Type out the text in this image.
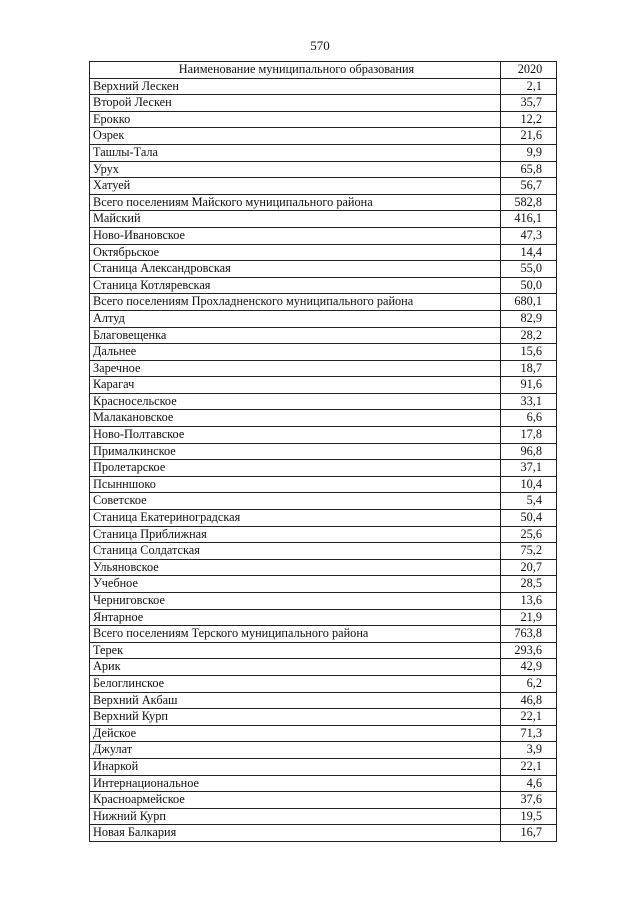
570
Наименование муниципального образования	2020
Верхний Лескен	2,1
Второй Лескен	35,7
Ерокко	12,2
Озрек	21,6
Ташлы-Тала	9,9
Урух	65,8
Хатуей	56,7
Всего поселениям Майского муниципального района	582,8
Майский	416,1
Ново-Ивановское	47,3
Октябрьское	14,4
Станица Александровская	55,0
Станица Котляревская	50,0
Всего поселениям Прохладненского муниципального района	680,1
Алтуд	82,9
Благовещенка	28,2
Дальнее	15,6
Заречное	18,7
Карагач	91,6
Красносельское	33,1
Малакановское	6,6
Ново-Полтавское	17,8
Прималкинское	96,8
Пролетарское	37,1
Псынншоко	10,4
Советское	5,4
Станица Екатериноградская	50,4
Станица Приближная	25,6
Станица Солдатская	75,2
Ульяновское	20,7
Учебное	28,5
Черниговское	13,6
Янтарное	21,9
Всего поселениям Терского муниципального района	763,8
Терек	293,6
Арик	42,9
Белоглинское	6,2
Верхний Акбаш	46,8
Верхний Курп	22,1
Дейское	71,3
Джулат	3,9
Инаркой	22,1
Интернациональное	4,6
Красноармейское	37,6
Нижний Курп	19,5
Новая Балкария	16,7
